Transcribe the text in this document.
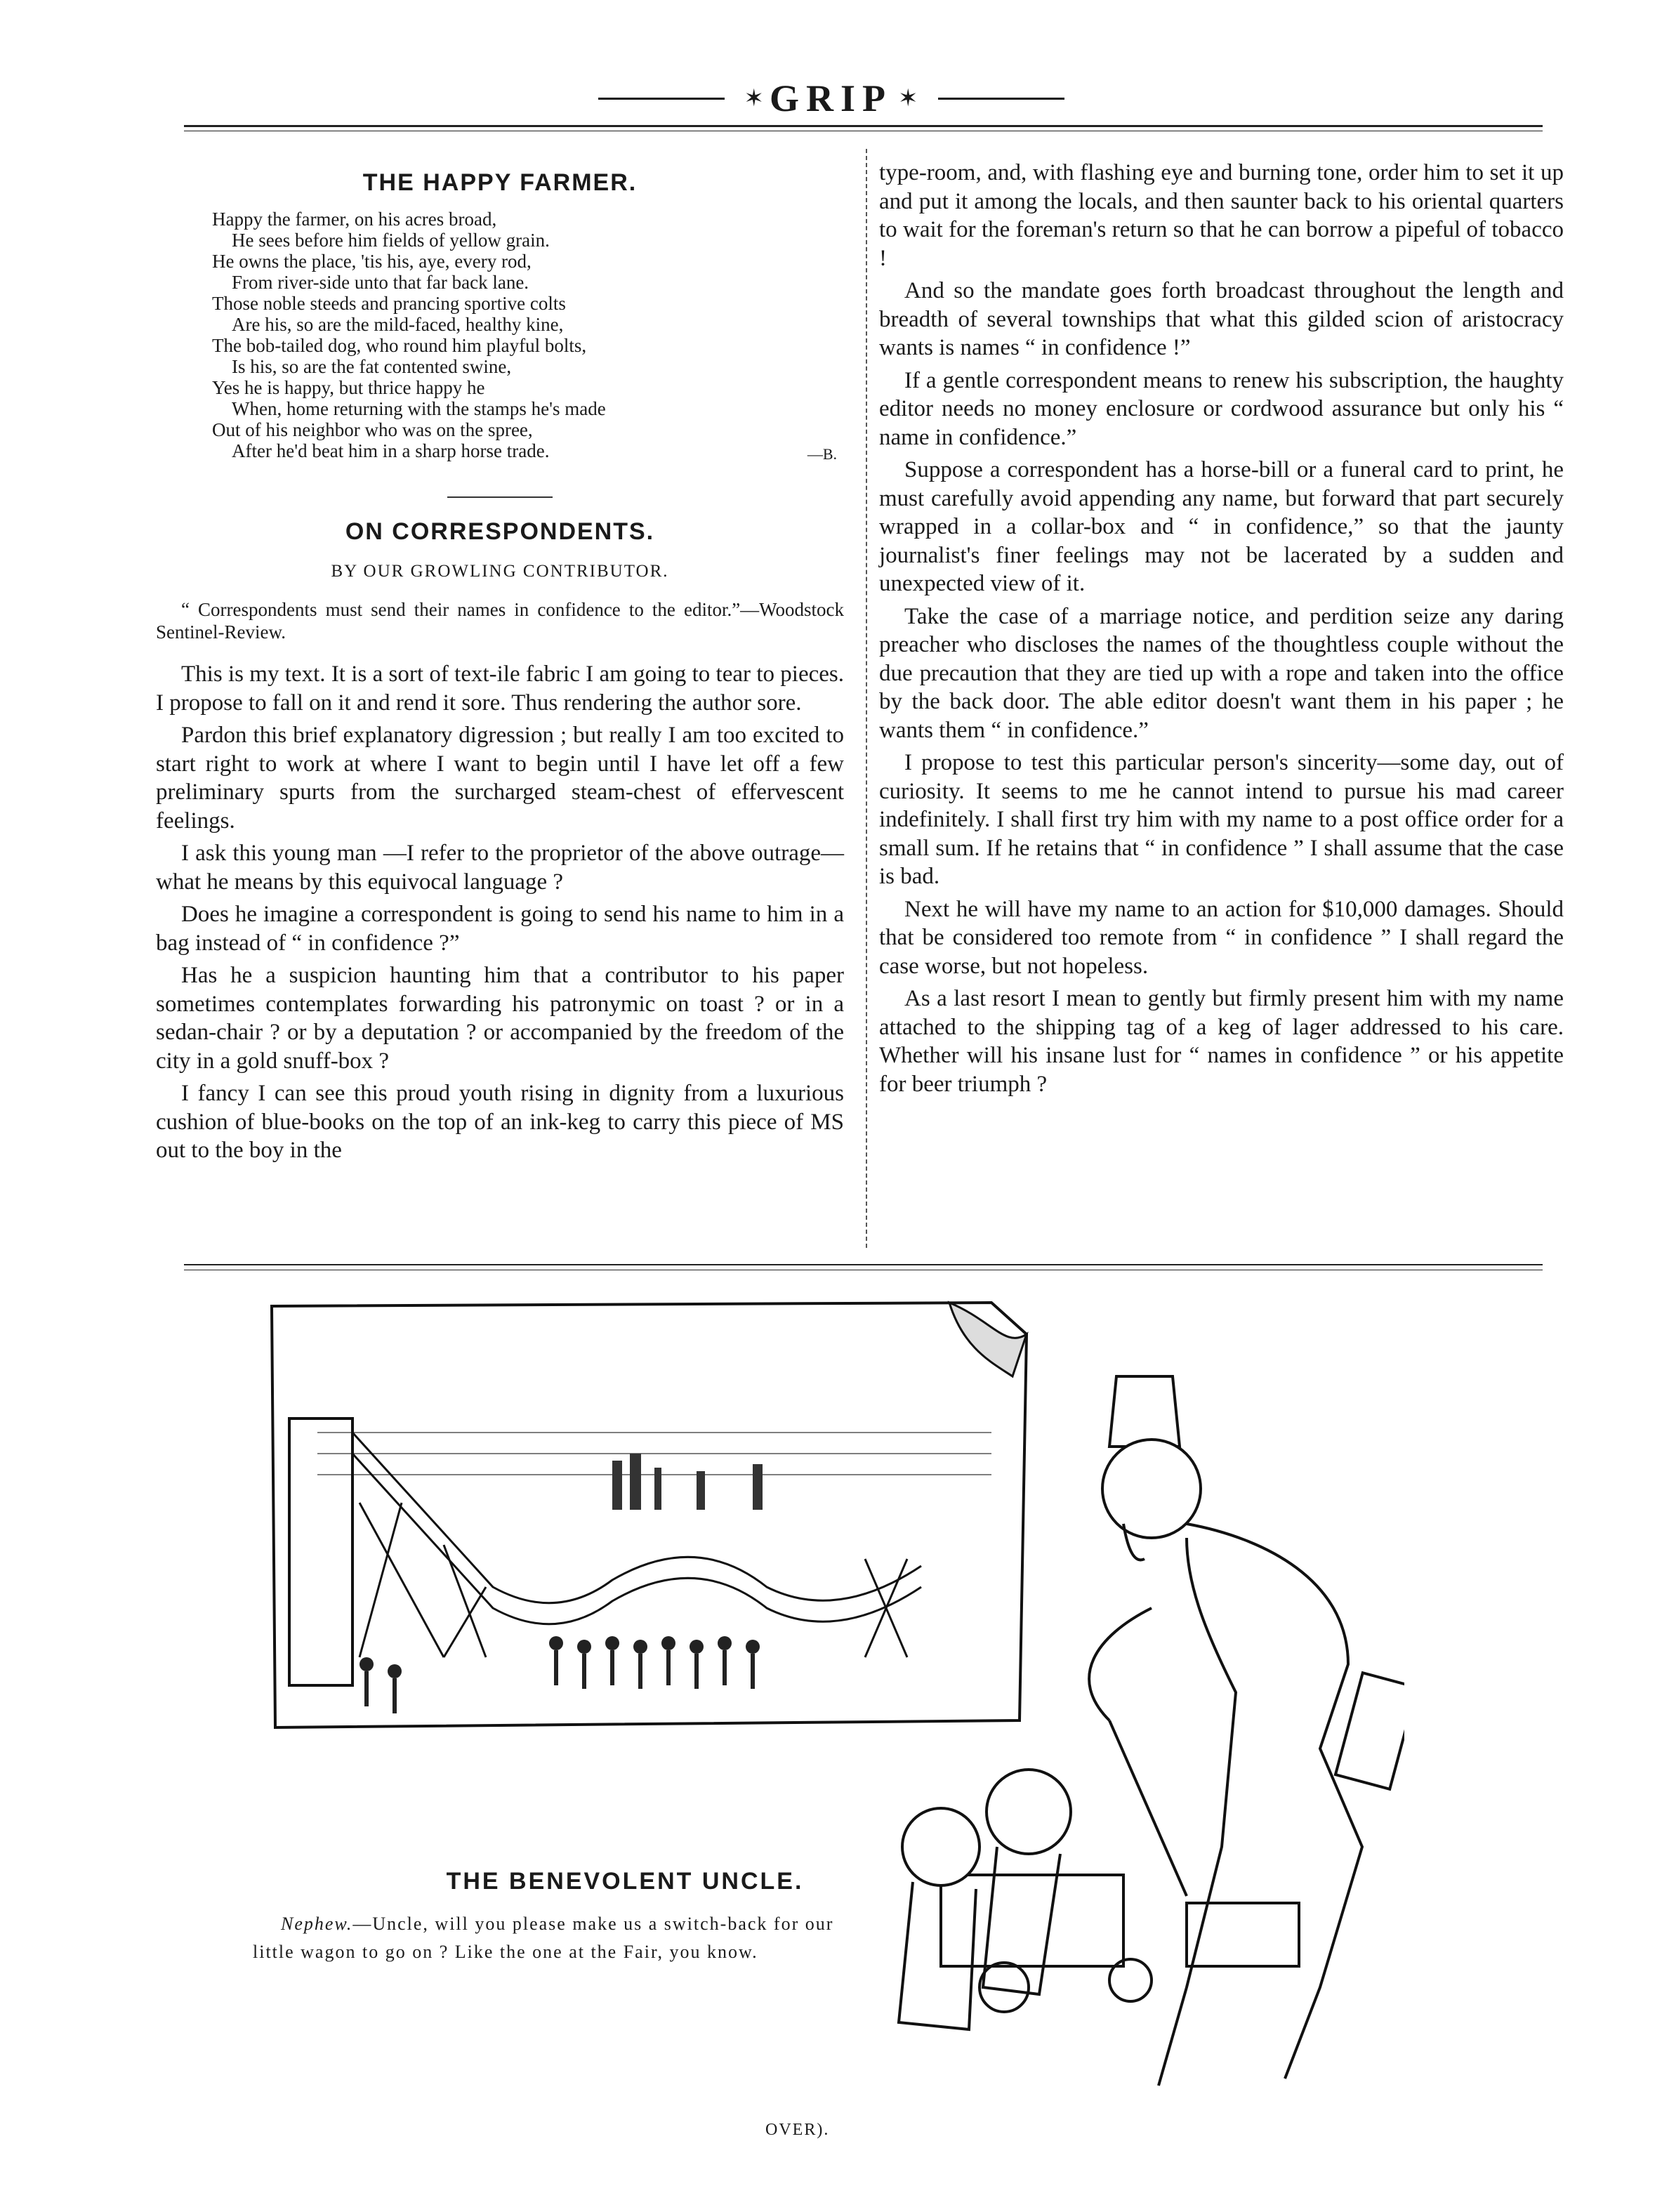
✶ GRIP ✶
THE HAPPY FARMER.
Happy the farmer, on his acres broad,
He sees before him fields of yellow grain.
He owns the place, 'tis his, aye, every rod,
From river-side unto that far back lane.
Those noble steeds and prancing sportive colts
Are his, so are the mild-faced, healthy kine,
The bob-tailed dog, who round him playful bolts,
Is his, so are the fat contented swine,
Yes he is happy, but thrice happy he
When, home returning with the stamps he's made
Out of his neighbor who was on the spree,
After he'd beat him in a sharp horse trade.	—B.
ON CORRESPONDENTS.
BY OUR GROWLING CONTRIBUTOR.
“ Correspondents must send their names in confidence to the editor.”—Woodstock Sentinel-Review.

This is my text. It is a sort of text-ile fabric I am going to tear to pieces. I propose to fall on it and rend it sore. Thus rendering the author sore.

Pardon this brief explanatory digression ; but really I am too excited to start right to work at where I want to begin until I have let off a few preliminary spurts from the surcharged steam-chest of effervescent feelings.

I ask this young man —I refer to the proprietor of the above outrage—what he means by this equivocal language ?

Does he imagine a correspondent is going to send his name to him in a bag instead of “ in confidence ?”

Has he a suspicion haunting him that a contributor to his paper sometimes contemplates forwarding his patronymic on toast ? or in a sedan-chair ? or by a deputation ? or accompanied by the freedom of the city in a gold snuff-box ?

I fancy I can see this proud youth rising in dignity from a luxurious cushion of blue-books on the top of an ink-keg to carry this piece of MS out to the boy in the

type-room, and, with flashing eye and burning tone, order him to set it up and put it among the locals, and then saunter back to his oriental quarters to wait for the foreman's return so that he can borrow a pipeful of tobacco !

And so the mandate goes forth broadcast throughout the length and breadth of several townships that what this gilded scion of aristocracy wants is names “ in confidence !”

If a gentle correspondent means to renew his subscription, the haughty editor needs no money enclosure or cordwood assurance but only his “ name in confidence.”

Suppose a correspondent has a horse-bill or a funeral card to print, he must carefully avoid appending any name, but forward that part securely wrapped in a collar-box and “ in confidence,” so that the jaunty journalist's finer feelings may not be lacerated by a sudden and unexpected view of it.

Take the case of a marriage notice, and perdition seize any daring preacher who discloses the names of the thoughtless couple without the due precaution that they are tied up with a rope and taken into the office by the back door. The able editor doesn't want them in his paper ; he wants them “ in confidence.”

I propose to test this particular person's sincerity—some day, out of curiosity. It seems to me he cannot intend to pursue his mad career indefinitely. I shall first try him with my name to a post office order for a small sum. If he retains that “ in confidence ” I shall assume that the case is bad.

Next he will have my name to an action for $10,000 damages. Should that be considered too remote from “ in confidence ” I shall regard the case worse, but not hopeless.

As a last resort I mean to gently but firmly present him with my name attached to the shipping tag of a keg of lager addressed to his care. Whether will his insane lust for “ names in confidence ” or his appetite for beer triumph ?

THE BENEVOLENT UNCLE.
Nephew.—Uncle, will you please make us a switch-back for our little wagon to go on ? Like the one at the Fair, you know.
OVER).
